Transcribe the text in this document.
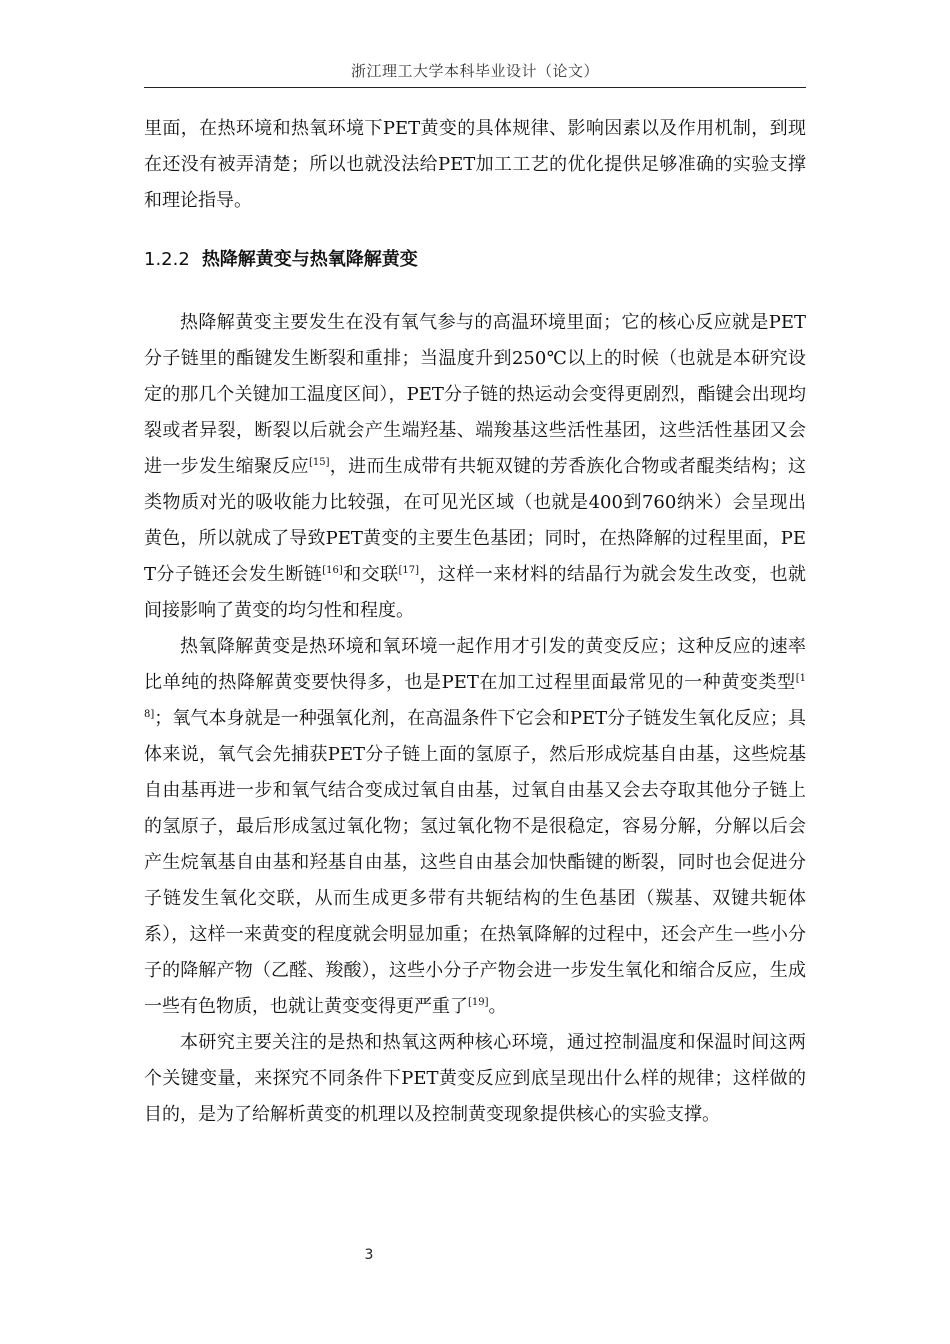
浙江理工大学本科毕业设计（论文）

里面，在热环境和热氧环境下PET黄变的具体规律、影响因素以及作用机制，到现在还没有被弄清楚；所以也就没法给PET加工工艺的优化提供足够准确的实验支撑和理论指导。

1.2.2 热降解黄变与热氧降解黄变

热降解黄变主要发生在没有氧气参与的高温环境里面；它的核心反应就是PET分子链里的酯键发生断裂和重排；当温度升到250℃以上的时候（也就是本研究设定的那几个关键加工温度区间），PET分子链的热运动会变得更剧烈，酯键会出现均裂或者异裂，断裂以后就会产生端羟基、端羧基这些活性基团，这些活性基团又会进一步发生缩聚反应[15]，进而生成带有共轭双键的芳香族化合物或者醌类结构；这类物质对光的吸收能力比较强，在可见光区域（也就是400到760纳米）会呈现出黄色，所以就成了导致PET黄变的主要生色基团；同时，在热降解的过程里面，PET分子链还会发生断链[16]和交联[17]，这样一来材料的结晶行为就会发生改变，也就间接影响了黄变的均匀性和程度。

热氧降解黄变是热环境和氧环境一起作用才引发的黄变反应；这种反应的速率比单纯的热降解黄变要快得多，也是PET在加工过程里面最常见的一种黄变类型[18]；氧气本身就是一种强氧化剂，在高温条件下它会和PET分子链发生氧化反应；具体来说，氧气会先捕获PET分子链上面的氢原子，然后形成烷基自由基，这些烷基自由基再进一步和氧气结合变成过氧自由基，过氧自由基又会去夺取其他分子链上的氢原子，最后形成氢过氧化物；氢过氧化物不是很稳定，容易分解，分解以后会产生烷氧基自由基和羟基自由基，这些自由基会加快酯键的断裂，同时也会促进分子链发生氧化交联，从而生成更多带有共轭结构的生色基团（羰基、双键共轭体系），这样一来黄变的程度就会明显加重；在热氧降解的过程中，还会产生一些小分子的降解产物（乙醛、羧酸），这些小分子产物会进一步发生氧化和缩合反应，生成一些有色物质，也就让黄变变得更严重了[19]。

本研究主要关注的是热和热氧这两种核心环境，通过控制温度和保温时间这两个关键变量，来探究不同条件下PET黄变反应到底呈现出什么样的规律；这样做的目的，是为了给解析黄变的机理以及控制黄变现象提供核心的实验支撑。

3
